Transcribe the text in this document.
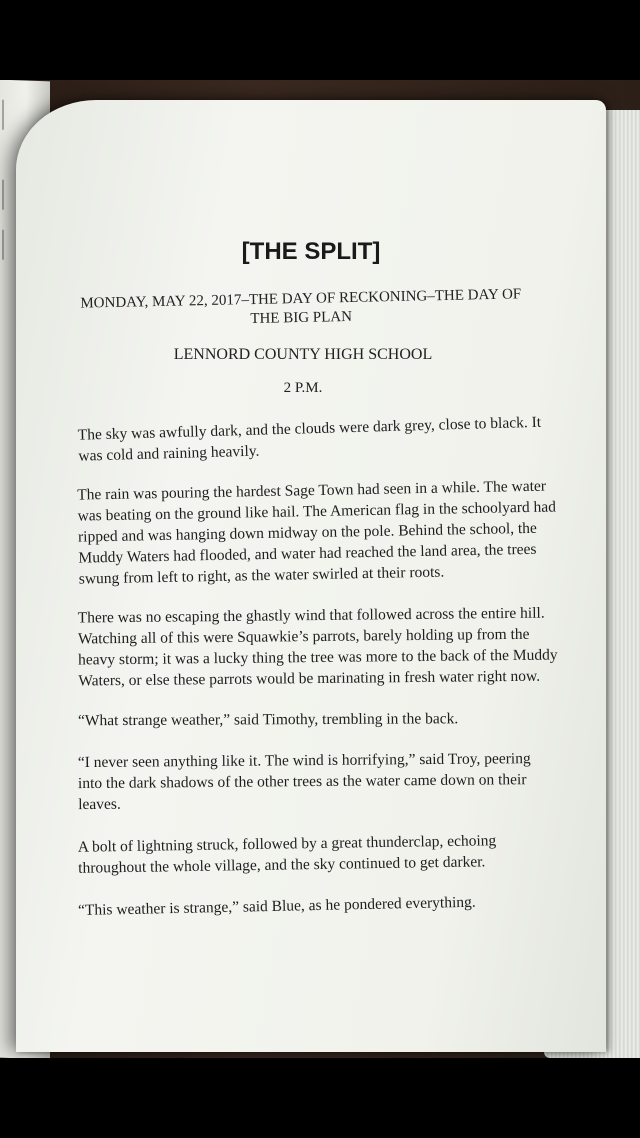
[THE SPLIT]
MONDAY, MAY 22, 2017–THE DAY OF RECKONING–THE DAY OF THE BIG PLAN
LENNORD COUNTY HIGH SCHOOL
2 P.M.

The sky was awfully dark, and the clouds were dark grey, close to black. It was cold and raining heavily.

The rain was pouring the hardest Sage Town had seen in a while. The water was beating on the ground like hail. The American flag in the schoolyard had ripped and was hanging down midway on the pole. Behind the school, the Muddy Waters had flooded, and water had reached the land area, the trees swung from left to right, as the water swirled at their roots.

There was no escaping the ghastly wind that followed across the entire hill. Watching all of this were Squawkie’s parrots, barely holding up from the heavy storm; it was a lucky thing the tree was more to the back of the Muddy Waters, or else these parrots would be marinating in fresh water right now.

“What strange weather,” said Timothy, trembling in the back.

“I never seen anything like it. The wind is horrifying,” said Troy, peering into the dark shadows of the other trees as the water came down on their leaves.

A bolt of lightning struck, followed by a great thunderclap, echoing throughout the whole village, and the sky continued to get darker.

“This weather is strange,” said Blue, as he pondered everything.
